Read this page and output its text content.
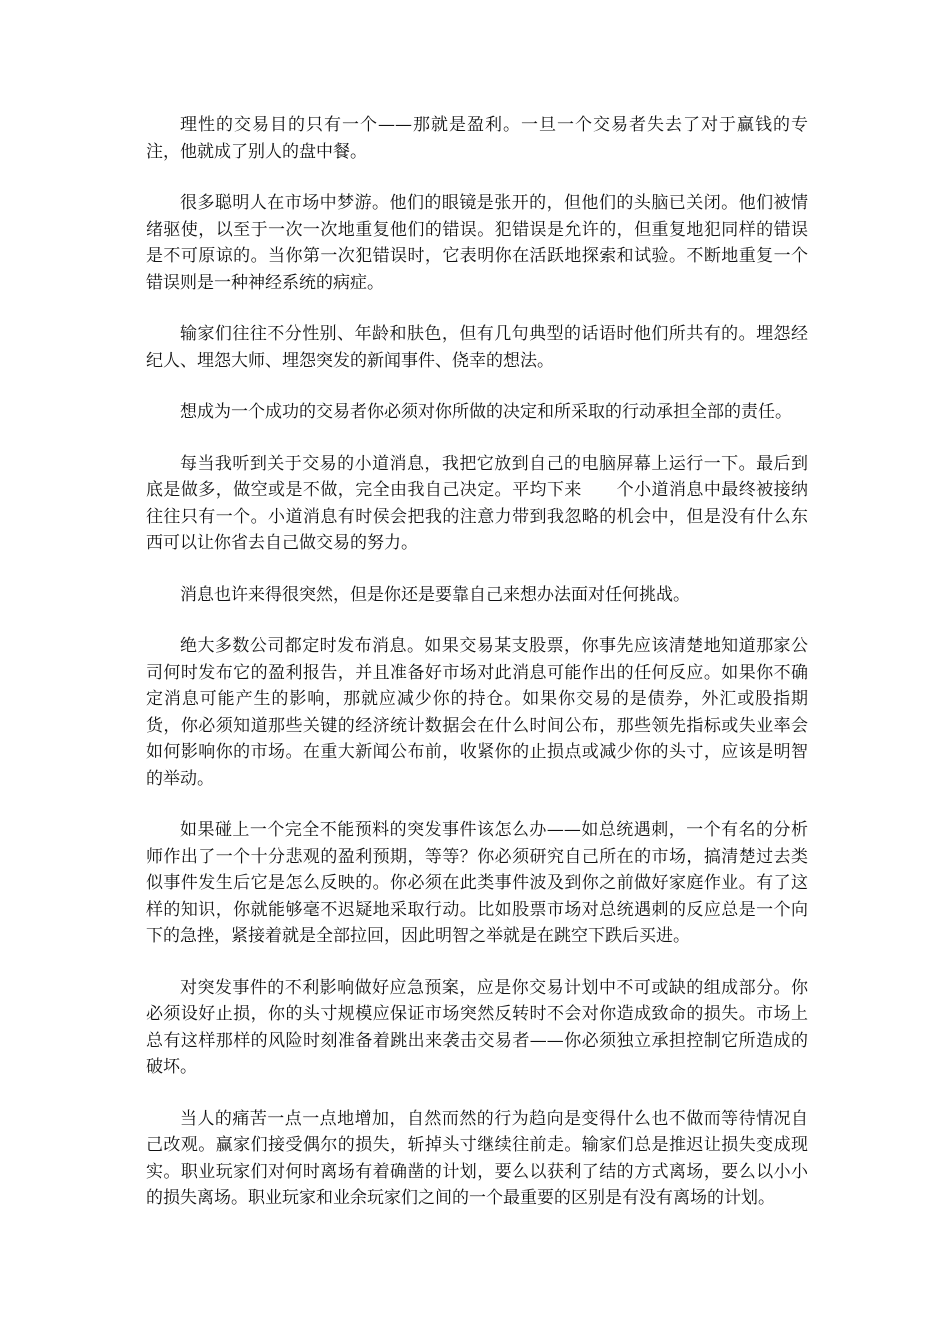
理性的交易目的只有一个——那就是盈利。一旦一个交易者失去了对于赢钱的专注，他就成了别人的盘中餐。

很多聪明人在市场中梦游。他们的眼镜是张开的，但他们的头脑已关闭。他们被情绪驱使，以至于一次一次地重复他们的错误。犯错误是允许的，但重复地犯同样的错误是不可原谅的。当你第一次犯错误时，它表明你在活跃地探索和试验。不断地重复一个错误则是一种神经系统的病症。

输家们往往不分性别、年龄和肤色，但有几句典型的话语时他们所共有的。埋怨经纪人、埋怨大师、埋怨突发的新闻事件、侥幸的想法。

想成为一个成功的交易者你必须对你所做的决定和所采取的行动承担全部的责任。

每当我听到关于交易的小道消息，我把它放到自己的电脑屏幕上运行一下。最后到底是做多，做空或是不做，完全由我自己决定。平均下来　　个小道消息中最终被接纳往往只有一个。小道消息有时侯会把我的注意力带到我忽略的机会中，但是没有什么东西可以让你省去自己做交易的努力。

消息也许来得很突然，但是你还是要靠自己来想办法面对任何挑战。

绝大多数公司都定时发布消息。如果交易某支股票，你事先应该清楚地知道那家公司何时发布它的盈利报告，并且准备好市场对此消息可能作出的任何反应。如果你不确定消息可能产生的影响，那就应减少你的持仓。如果你交易的是债券，外汇或股指期货，你必须知道那些关键的经济统计数据会在什么时间公布，那些领先指标或失业率会如何影响你的市场。在重大新闻公布前，收紧你的止损点或减少你的头寸，应该是明智的举动。

如果碰上一个完全不能预料的突发事件该怎么办——如总统遇刺，一个有名的分析师作出了一个十分悲观的盈利预期，等等？你必须研究自己所在的市场，搞清楚过去类似事件发生后它是怎么反映的。你必须在此类事件波及到你之前做好家庭作业。有了这样的知识，你就能够毫不迟疑地采取行动。比如股票市场对总统遇刺的反应总是一个向下的急挫，紧接着就是全部拉回，因此明智之举就是在跳空下跌后买进。

对突发事件的不利影响做好应急预案，应是你交易计划中不可或缺的组成部分。你必须设好止损，你的头寸规模应保证市场突然反转时不会对你造成致命的损失。市场上总有这样那样的风险时刻准备着跳出来袭击交易者——你必须独立承担控制它所造成的破坏。

当人的痛苦一点一点地增加，自然而然的行为趋向是变得什么也不做而等待情况自己改观。赢家们接受偶尔的损失，斩掉头寸继续往前走。输家们总是推迟让损失变成现实。职业玩家们对何时离场有着确凿的计划，要么以获利了结的方式离场，要么以小小的损失离场。职业玩家和业余玩家们之间的一个最重要的区别是有没有离场的计划。
